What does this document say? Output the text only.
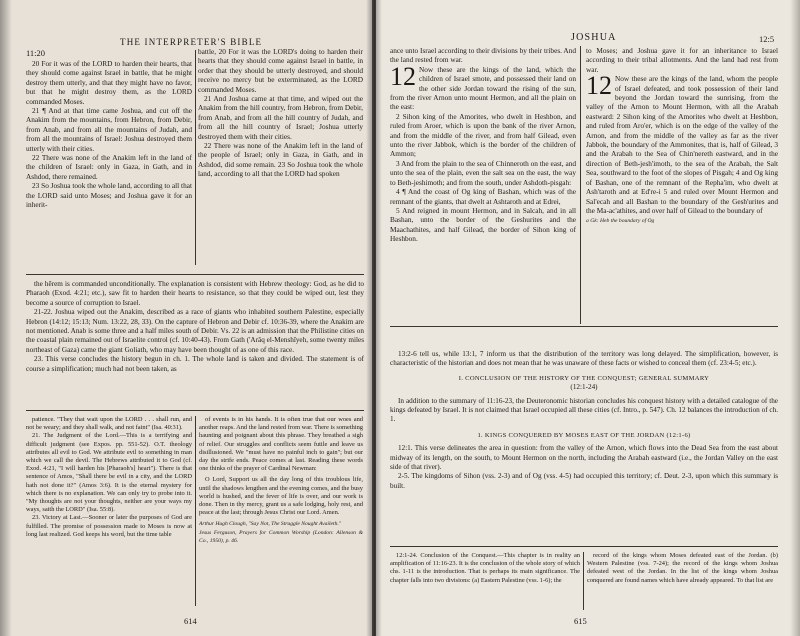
THE INTERPRETER'S BIBLE
11:20

20 For it was of the LORD to harden their hearts, that they should come against Israel in battle, that he might destroy them utterly, and that they might have no favor, but that he might destroy them, as the LORD commanded Moses.

21 ¶ And at that time came Joshua, and cut off the Anakim from the mountains, from Hebron, from Debir, from Anab, and from all the mountains of Judah, and from all the mountains of Israel: Joshua destroyed them utterly with their cities.

22 There was none of the Anakim left in the land of the children of Israel: only in Gaza, in Gath, and in Ashdod, there remained.

23 So Joshua took the whole land, according to all that the LORD said unto Moses; and Joshua gave it for an inherit-

battle, 20 For it was the LORD's doing to harden their hearts that they should come against Israel in battle, in order that they should be utterly destroyed, and should receive no mercy but be exterminated, as the LORD commanded Moses.

21 And Joshua came at that time, and wiped out the Anakim from the hill country, from Hebron, from Debir, from Anab, and from all the hill country of Judah, and from all the hill country of Israel; Joshua utterly destroyed them with their cities.

22 There was none of the Anakim left in the land of the people of Israel; only in Gaza, in Gath, and in Ashdod, did some remain. 23 So Joshua took the whole land, according to all that the LORD had spoken

the hērem is commanded unconditionally. The explanation is consistent with Hebrew theology: God, as he did to Pharaoh (Exod. 4:21; etc.), saw fit to harden their hearts to resistance, so that they could be wiped out, lest they become a source of corruption to Israel.

21-22. Joshua wiped out the Anakim, described as a race of giants who inhabited southern Palestine, especially Hebron (14:12; 15:13; Num. 13:22, 28, 33). On the capture of Hebron and Debir cf. 10:36-39, where the Anakim are not mentioned. Anab is some three and a half miles south of Debir. Vs. 22 is an admission that the Philistine cities on the coastal plain remained out of Israelite control (cf. 10:40-43). From Gath ('Arâq el-Menshîyeh, some twenty miles northeast of Gaza) came the giant Goliath, who may have been thought of as one of this race.

23. This verse concludes the history begun in ch. 1. The whole land is taken and divided. The statement is of course a simplification; much had not been taken, as

patience. "They that wait upon the LORD . . . shall run, and not be weary; and they shall walk, and not faint" (Isa. 40:31).

21. The Judgment of the Lord.—This is a terrifying and difficult judgment (see Expos. pp. 551-52). O.T. theology attributes all evil to God. We attribute evil to something in man which we call the devil. The Hebrews attributed it to God (cf. Exod. 4:21, "I will harden his [Pharaoh's] heart"). There is that sentence of Amos, "Shall there be evil in a city, and the LORD hath not done it?" (Amos 3:6). It is the eternal mystery for which there is no explanation. We can only try to probe into it. "My thoughts are not your thoughts, neither are your ways my ways, saith the LORD" (Isa. 55:8).

23. Victory at Last.—Sooner or later the purposes of God are fulfilled. The promise of possession made to Moses is now at long last realized. God keeps his word, but the time table

of events is in his hands. It is often true that our woes and another reaps. And the land rested from war. There is something haunting and poignant about this phrase. They breathed a sigh of relief. Our struggles and conflicts seem futile and leave us disillusioned. We "must have no painful inch to gain"; but our day the strife ends. Peace comes at last. Reading these words one thinks of the prayer of Cardinal Newman:

O Lord, Support us all the day long of this troublous life, until the shadows lengthen and the evening comes, and the busy world is hushed, and the fever of life is over, and our work is done. Then in thy mercy, grant us a safe lodging, holy rest, and peace at the last; through Jesus Christ our Lord. Amen.

Arthur Hugh Clough, "Say Not, The Struggle Nought Availeth."
Jesus Ferguson, Prayers for Common Worship (London: Allenson & Co., 1950), p. 46.
614
JOSHUA	12:5

ance unto Israel according to their divisions by their tribes. And the land rested from war.

12 Now these are the kings of the land, which the children of Israel smote, and possessed their land on the other side Jordan toward the rising of the sun, from the river Arnon unto mount Hermon, and all the plain on the east:

2 Sihon king of the Amorites, who dwelt in Heshbon, and ruled from Aroer, which is upon the bank of the river Arnon, and from the middle of the river, and from half Gilead, even unto the river Jabbok, which is the border of the children of Ammon;

3 And from the plain to the sea of Chinneroth on the east, and unto the sea of the plain, even the salt sea on the east, the way to Beth-jeshimoth; and from the south, under Ashdoth-pisgah:

4 ¶ And the coast of Og king of Bashan, which was of the remnant of the giants, that dwelt at Ashtaroth and at Edrei,

5 And reigned in mount Hermon, and in Salcah, and in all Bashan, unto the border of the Geshurites and the Maachathites, and half Gilead, the border of Sihon king of Heshbon.

to Moses; and Joshua gave it for an inheritance to Israel according to their tribal allotments. And the land had rest from war.

12 Now these are the kings of the land, whom the people of Israel defeated, and took possession of their land beyond the Jordan toward the sunrising, from the valley of the Arnon to Mount Hermon, with all the Arabah eastward: 2 Sihon king of the Amorites who dwelt at Heshbon, and ruled from Aro'er, which is on the edge of the valley of the Arnon, and from the middle of the valley as far as the river Jabbok, the boundary of the Ammonites, that is, half of Gilead, 3 and the Arabah to the Sea of Chin'nereth eastward, and in the direction of Beth-jesh'imoth, to the sea of the Arabah, the Salt Sea, southward to the foot of the slopes of Pisgah; 4 and Og king of Bashan, one of the remnant of the Repha'im, who dwelt at Ash'taroth and at Ed're-i 5 and ruled over Mount Hermon and Sal'ecah and all Bashan to the boundary of the Gesh'urites and the Ma-ac'athites, and over half of Gilead to the boundary of

a Gk: Heb the boundary of Og

13:2-6 tell us, while 13:1, 7 inform us that the distribution of the territory was long delayed. The simplification, however, is characteristic of the historian and does not mean that he was unaware of these facts or wished to conceal them (cf. 23:4-5; etc.).

I. CONCLUSION OF THE HISTORY OF THE CONQUEST; GENERAL SUMMARY

(12:1-24)

In addition to the summary of 11:16-23, the Deuteronomic historian concludes his conquest history with a detailed catalogue of the kings defeated by Israel. It is not claimed that Israel occupied all these cities (cf. Intro., p. 547). Ch. 12 balances the introduction of ch. 1.

1. KINGS CONQUERED BY MOSES EAST OF THE JORDAN (12:1-6)

12:1. This verse delineates the area in question: from the valley of the Arnon, which flows into the Dead Sea from the east about midway of its length, on the south, to Mount Hermon on the north, including the Arabah eastward (i.e., the Jordan Valley on the east side of that river).

2-5. The kingdoms of Sihon (vss. 2-3) and of Og (vss. 4-5) had occupied this territory; cf. Deut. 2-3, upon which this summary is built.

12:1-24. Conclusion of the Conquest.—This chapter is in reality an amplification of 11:16-23. It is the conclusion of the whole story of which chs. 1-11 is the introduction. That is perhaps its main significance. The chapter falls into two divisions: (a) Eastern Palestine (vss. 1-6); the

record of the kings whom Moses defeated east of the Jordan. (b) Western Palestine (vss. 7-24); the record of the kings whom Joshua defeated west of the Jordan. In the list of the kings whom Joshua conquered are found names which have already appeared. To that list are

615
